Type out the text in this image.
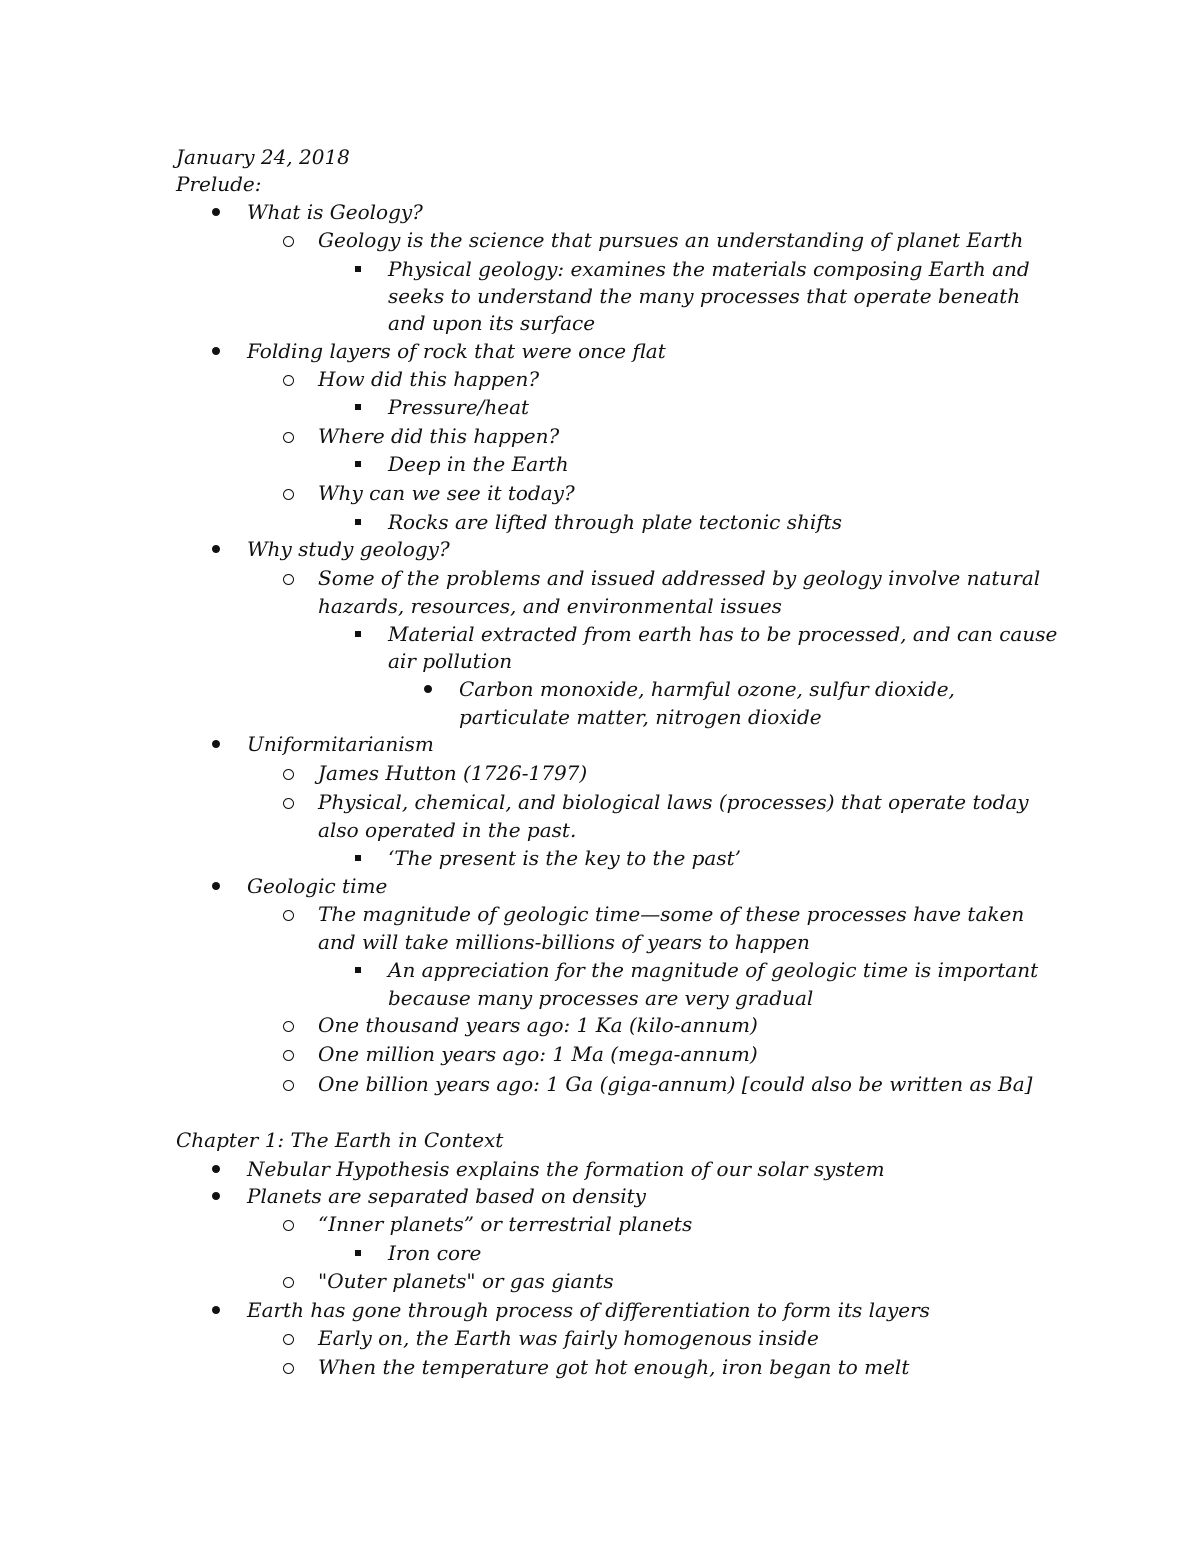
January 24, 2018
Prelude:
What is Geology?
Geology is the science that pursues an understanding of planet Earth
Physical geology: examines the materials composing Earth and
seeks to understand the many processes that operate beneath
and upon its surface
Folding layers of rock that were once flat
How did this happen?
Pressure/heat
Where did this happen?
Deep in the Earth
Why can we see it today?
Rocks are lifted through plate tectonic shifts
Why study geology?
Some of the problems and issued addressed by geology involve natural
hazards, resources, and environmental issues
Material extracted from earth has to be processed, and can cause
air pollution
Carbon monoxide, harmful ozone, sulfur dioxide,
particulate matter, nitrogen dioxide
Uniformitarianism
James Hutton (1726-1797)
Physical, chemical, and biological laws (processes) that operate today
also operated in the past.
‘The present is the key to the past’
Geologic time
The magnitude of geologic time—some of these processes have taken
and will take millions-billions of years to happen
An appreciation for the magnitude of geologic time is important
because many processes are very gradual
One thousand years ago: 1 Ka (kilo-annum)
One million years ago: 1 Ma (mega-annum)
One billion years ago: 1 Ga (giga-annum) [could also be written as Ba]
Chapter 1: The Earth in Context
Nebular Hypothesis explains the formation of our solar system
Planets are separated based on density
“Inner planets” or terrestrial planets
Iron core
"Outer planets" or gas giants
Earth has gone through process of differentiation to form its layers
Early on, the Earth was fairly homogenous inside
When the temperature got hot enough, iron began to melt
